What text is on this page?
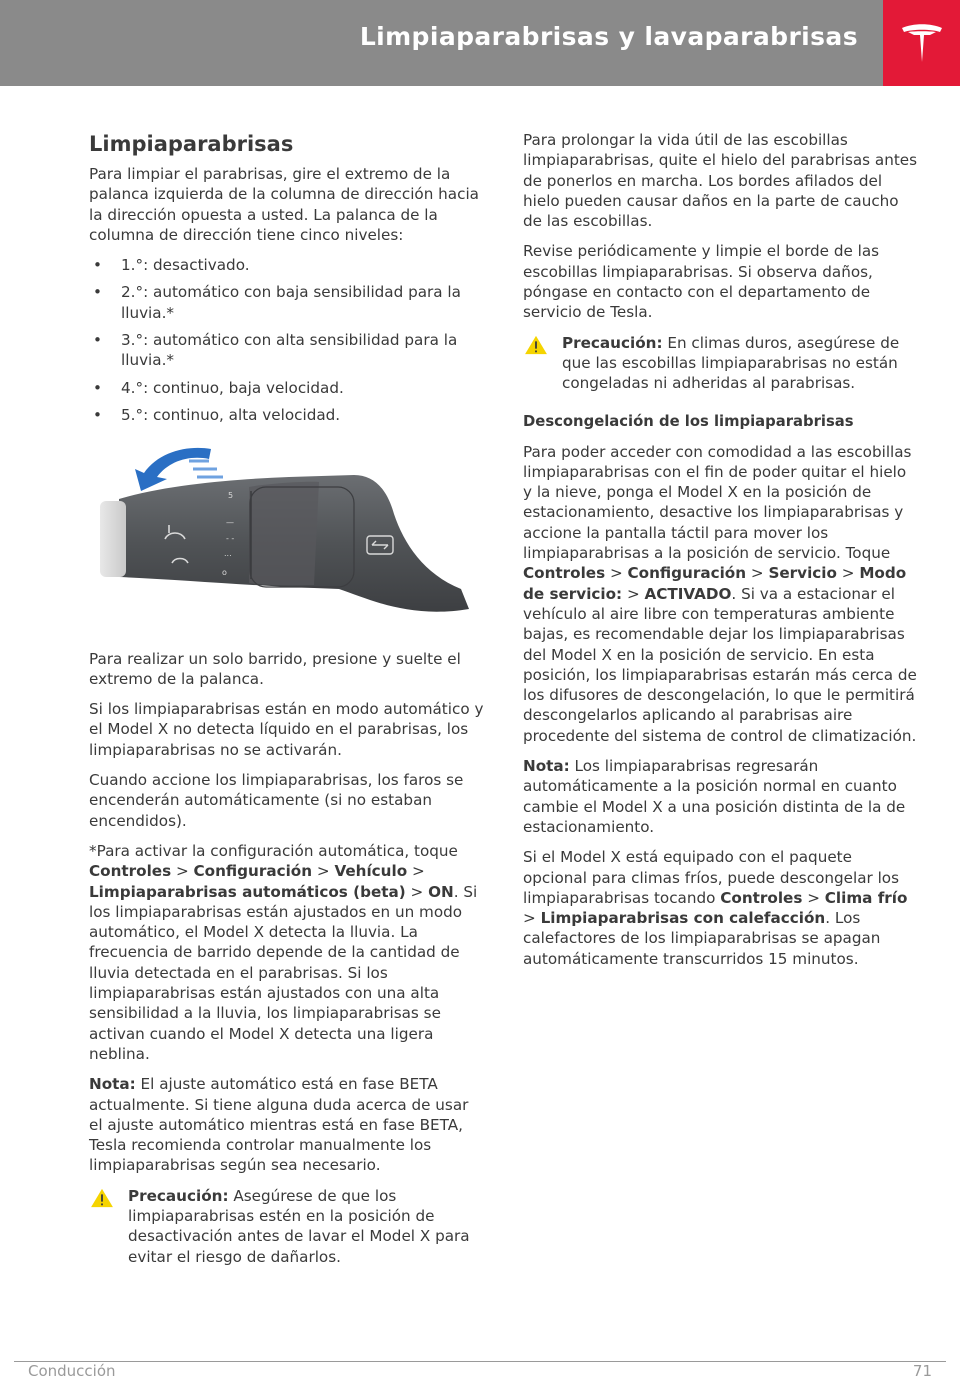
Limpiaparabrisas y lavaparabrisas
Limpiaparabrisas

Para limpiar el parabrisas, gire el extremo de la palanca izquierda de la columna de dirección hacia la dirección opuesta a usted. La palanca de la columna de dirección tiene cinco niveles:

• 1.°: desactivado.
• 2.°: automático con baja sensibilidad para la lluvia.*
• 3.°: automático con alta sensibilidad para la lluvia.*
• 4.°: continuo, baja velocidad.
• 5.°: continuo, alta velocidad.
5
—
- -
...
o

Para realizar un solo barrido, presione y suelte el extremo de la palanca.

Si los limpiaparabrisas están en modo automático y el Model X no detecta líquido en el parabrisas, los limpiaparabrisas no se activarán.

Cuando accione los limpiaparabrisas, los faros se encenderán automáticamente (si no estaban encendidos).

*Para activar la configuración automática, toque Controles > Configuración > Vehículo > Limpiaparabrisas automáticos (beta) > ON. Si los limpiaparabrisas están ajustados en un modo automático, el Model X detecta la lluvia. La frecuencia de barrido depende de la cantidad de lluvia detectada en el parabrisas. Si los limpiaparabrisas están ajustados con una alta sensibilidad a la lluvia, los limpiaparabrisas se activan cuando el Model X detecta una ligera neblina.

Nota: El ajuste automático está en fase BETA actualmente. Si tiene alguna duda acerca de usar el ajuste automático mientras está en fase BETA, Tesla recomienda controlar manualmente los limpiaparabrisas según sea necesario.

Precaución: Asegúrese de que los limpiaparabrisas estén en la posición de desactivación antes de lavar el Model X para evitar el riesgo de dañarlos.

Para prolongar la vida útil de las escobillas limpiaparabrisas, quite el hielo del parabrisas antes de ponerlos en marcha. Los bordes afilados del hielo pueden causar daños en la parte de caucho de las escobillas.

Revise periódicamente y limpie el borde de las escobillas limpiaparabrisas. Si observa daños, póngase en contacto con el departamento de servicio de Tesla.

Precaución: En climas duros, asegúrese de que las escobillas limpiaparabrisas no están congeladas ni adheridas al parabrisas.
Descongelación de los limpiaparabrisas

Para poder acceder con comodidad a las escobillas limpiaparabrisas con el fin de poder quitar el hielo y la nieve, ponga el Model X en la posición de estacionamiento, desactive los limpiaparabrisas y accione la pantalla táctil para mover los limpiaparabrisas a la posición de servicio. Toque Controles > Configuración > Servicio > Modo de servicio: > ACTIVADO. Si va a estacionar el vehículo al aire libre con temperaturas ambiente bajas, es recomendable dejar los limpiaparabrisas del Model X en la posición de servicio. En esta posición, los limpiaparabrisas estarán más cerca de los difusores de descongelación, lo que le permitirá descongelarlos aplicando al parabrisas aire procedente del sistema de control de climatización.

Nota: Los limpiaparabrisas regresarán automáticamente a la posición normal en cuanto cambie el Model X a una posición distinta de la de estacionamiento.

Si el Model X está equipado con el paquete opcional para climas fríos, puede descongelar los limpiaparabrisas tocando Controles > Clima frío > Limpiaparabrisas con calefacción. Los calefactores de los limpiaparabrisas se apagan automáticamente transcurridos 15 minutos.

Conducción	71
